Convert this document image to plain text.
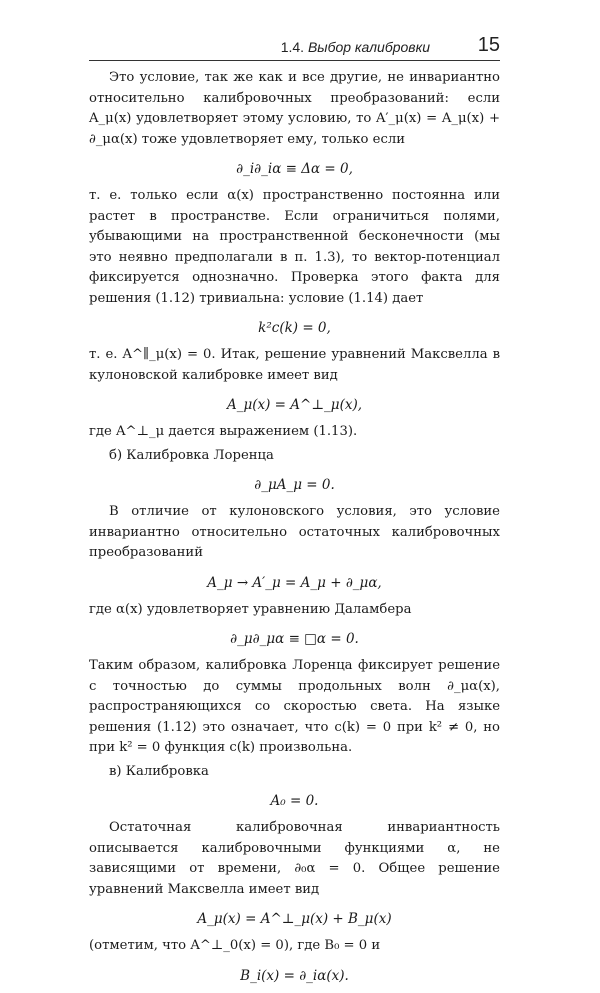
1.4. Выбор калибровки 15

Это условие, так же как и все другие, не инвариантно относительно калибровочных преобразований: если A_μ(x) удовлетворяет этому условию, то A′_μ(x) = A_μ(x) + ∂_μα(x) тоже удовлетворяет ему, только если

∂_i∂_iα ≡ Δα = 0,

т. е. только если α(x) пространственно постоянна или растет в пространстве. Если ограничиться полями, убывающими на пространственной бесконечности (мы это неявно предполагали в п. 1.3), то вектор-потенциал фиксируется однозначно. Проверка этого факта для решения (1.12) тривиальна: условие (1.14) дает

k²c(k) = 0,

т. е. A^∥_μ(x) = 0. Итак, решение уравнений Максвелла в кулоновской калибровке имеет вид

A_μ(x) = A^⊥_μ(x),

где A^⊥_μ дается выражением (1.13).

б) Калибровка Лоренца

∂_μA_μ = 0.

В отличие от кулоновского условия, это условие инвариантно относительно остаточных калибровочных преобразований

A_μ → A′_μ = A_μ + ∂_μα,

где α(x) удовлетворяет уравнению Даламбера

∂_μ∂_μα ≡ □α = 0.

Таким образом, калибровка Лоренца фиксирует решение с точностью до суммы продольных волн ∂_μα(x), распространяющихся со скоростью света. На языке решения (1.12) это означает, что c(k) = 0 при k² ≠ 0, но при k² = 0 функция c(k) произвольна.

в) Калибровка

A₀ = 0.

Остаточная калибровочная инвариантность описывается калибровочными функциями α, не зависящими от времени, ∂₀α = 0. Общее решение уравнений Максвелла имеет вид

A_μ(x) = A^⊥_μ(x) + B_μ(x)

(отметим, что A^⊥_0(x) = 0), где B₀ = 0 и

B_i(x) = ∂_iα(x).
